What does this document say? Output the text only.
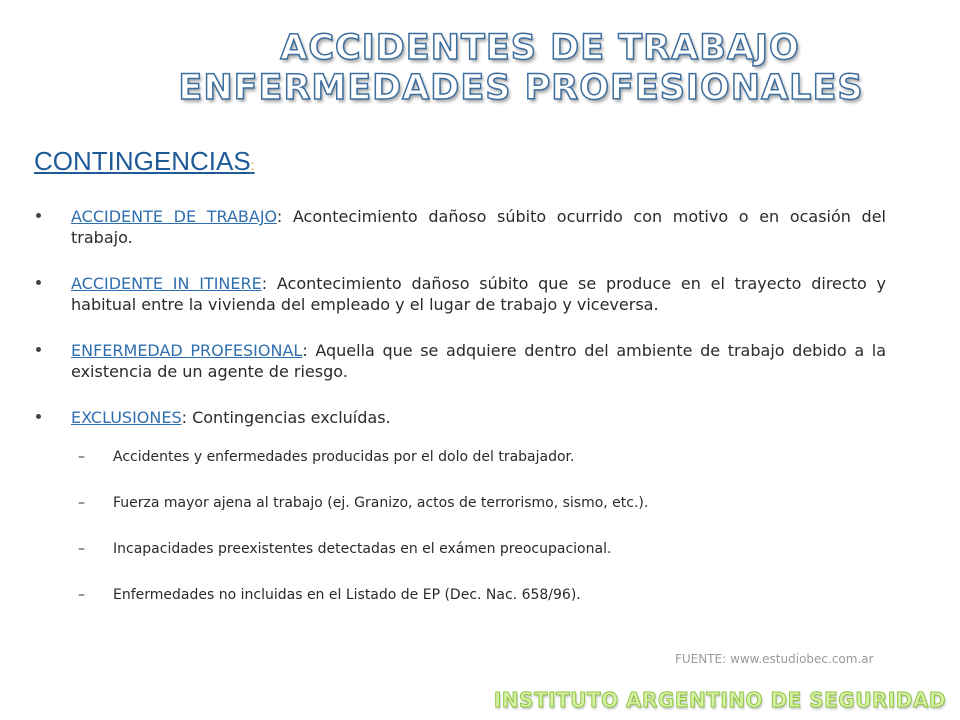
ACCIDENTES DE TRABAJO
ENFERMEDADES PROFESIONALES
CONTINGENCIAS:
ACCIDENTE DE TRABAJO: Acontecimiento dañoso súbito ocurrido con motivo o en ocasión del trabajo.
ACCIDENTE IN ITINERE: Acontecimiento dañoso súbito que se produce en el trayecto directo y habitual entre la vivienda del empleado y el lugar de trabajo y viceversa.
ENFERMEDAD PROFESIONAL: Aquella que se adquiere dentro del ambiente de trabajo debido a la existencia de un agente de riesgo.
EXCLUSIONES: Contingencias excluídas.
– Accidentes y enfermedades producidas por el dolo del trabajador.
– Fuerza mayor ajena al trabajo (ej. Granizo, actos de terrorismo, sismo, etc.).
– Incapacidades preexistentes detectadas en el exámen preocupacional.
– Enfermedades no incluidas en el Listado de EP (Dec. Nac. 658/96).
FUENTE: www.estudiobec.com.ar
INSTITUTO ARGENTINO DE SEGURIDAD
